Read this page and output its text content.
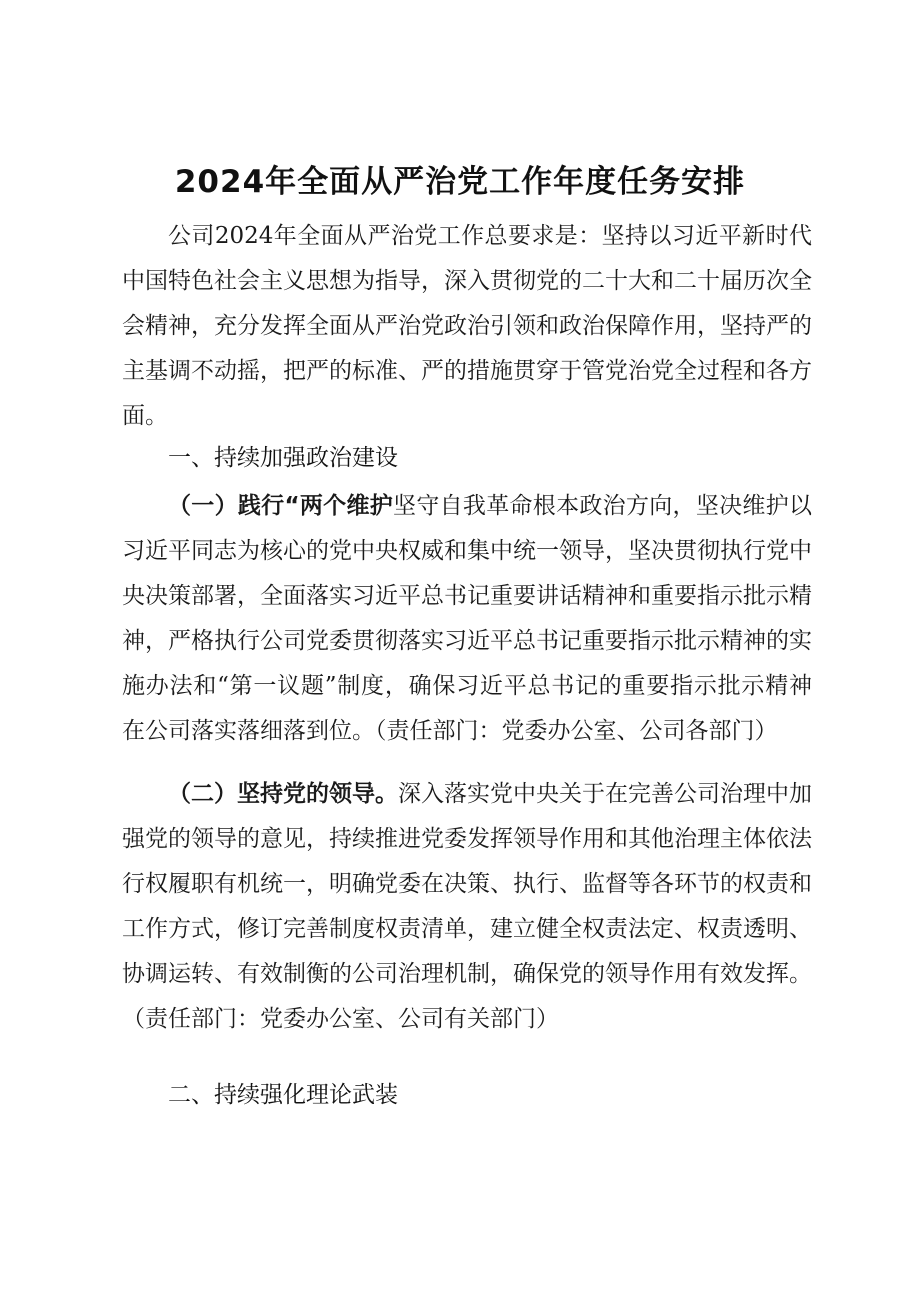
2024年全面从严治党工作年度任务安排

公司2024年全面从严治党工作总要求是：坚持以习近平新时代中国特色社会主义思想为指导，深入贯彻党的二十大和二十届历次全会精神，充分发挥全面从严治党政治引领和政治保障作用，坚持严的主基调不动摇，把严的标准、严的措施贯穿于管党治党全过程和各方面。

一、持续加强政治建设

（一）践行“两个维护坚守自我革命根本政治方向，坚决维护以习近平同志为核心的党中央权威和集中统一领导，坚决贯彻执行党中央决策部署，全面落实习近平总书记重要讲话精神和重要指示批示精神，严格执行公司党委贯彻落实习近平总书记重要指示批示精神的实施办法和“第一议题”制度，确保习近平总书记的重要指示批示精神在公司落实落细落到位。（责任部门：党委办公室、公司各部门）

（二）坚持党的领导。深入落实党中央关于在完善公司治理中加强党的领导的意见，持续推进党委发挥领导作用和其他治理主体依法行权履职有机统一，明确党委在决策、执行、监督等各环节的权责和工作方式，修订完善制度权责清单，建立健全权责法定、权责透明、协调运转、有效制衡的公司治理机制，确保党的领导作用有效发挥。（责任部门：党委办公室、公司有关部门）

二、持续强化理论武装
